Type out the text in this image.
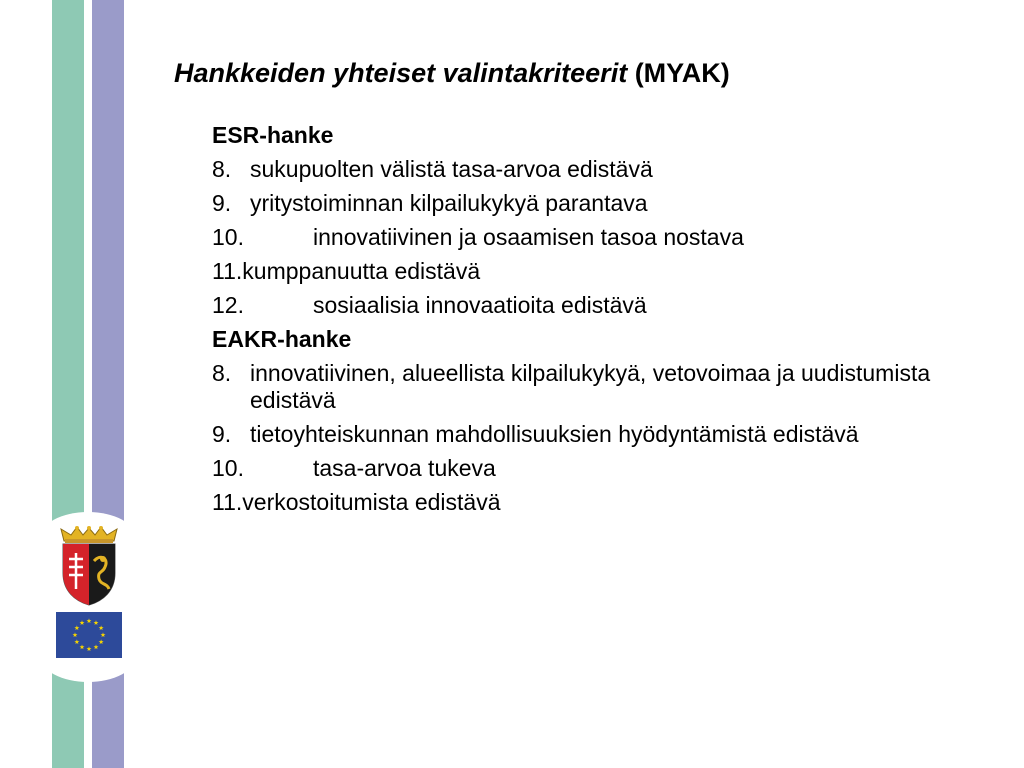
Hankkeiden yhteiset valintakriteerit (MYAK)
ESR-hanke
8. sukupuolten välistä tasa-arvoa edistävä
9. yritystoiminnan kilpailukykyä parantava
10.	innovatiivinen ja osaamisen tasoa nostava
11. kumppanuutta edistävä
12.	sosiaalisia innovaatioita edistävä
EAKR-hanke
8. innovatiivinen, alueellista kilpailukykyä, vetovoimaa ja uudistumista edistävä
9. tietoyhteiskunnan mahdollisuuksien hyödyntämistä edistävä
10.	tasa-arvoa tukeva
11. verkostoitumista edistävä
